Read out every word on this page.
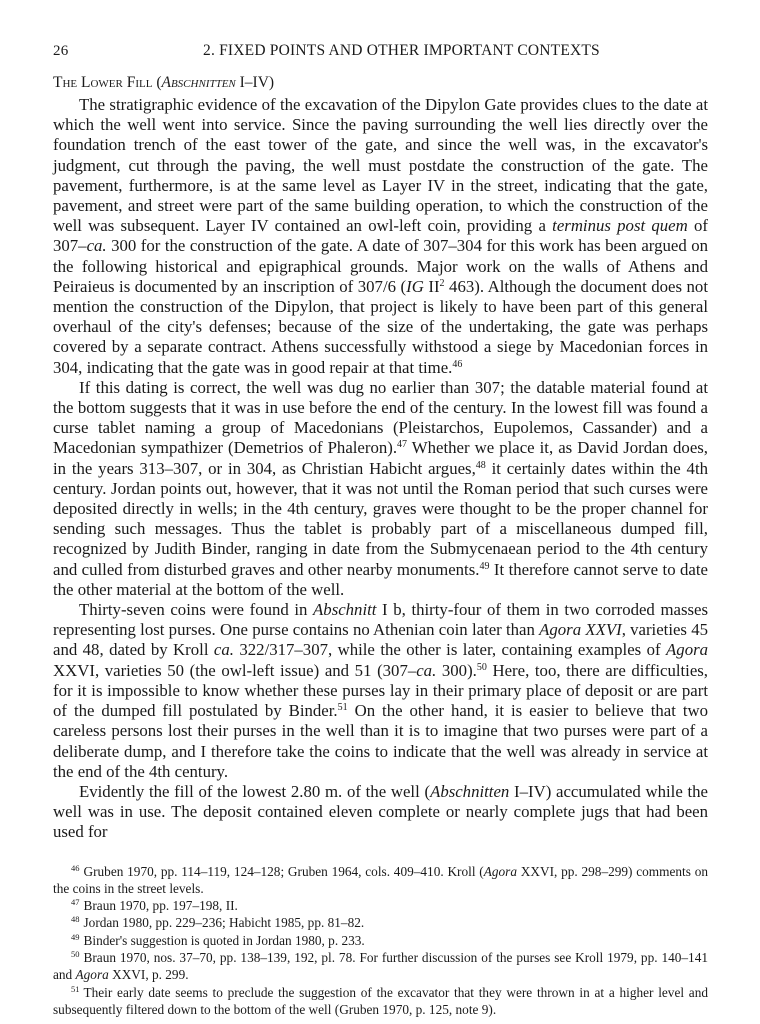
26	2. FIXED POINTS AND OTHER IMPORTANT CONTEXTS
The Lower Fill (Abschnitten I–IV)

The stratigraphic evidence of the excavation of the Dipylon Gate provides clues to the date at which the well went into service. Since the paving surrounding the well lies directly over the foundation trench of the east tower of the gate, and since the well was, in the excavator's judgment, cut through the paving, the well must postdate the construction of the gate. The pavement, furthermore, is at the same level as Layer IV in the street, indicating that the gate, pavement, and street were part of the same building operation, to which the construction of the well was subsequent. Layer IV contained an owl-left coin, providing a terminus post quem of 307–ca. 300 for the construction of the gate. A date of 307–304 for this work has been argued on the following historical and epigraphical grounds. Major work on the walls of Athens and Peiraieus is documented by an inscription of 307/6 (IG $II^2$ 463). Although the document does not mention the construction of the Dipylon, that project is likely to have been part of this general overhaul of the city's defenses; because of the size of the undertaking, the gate was perhaps covered by a separate contract. Athens successfully withstood a siege by Macedonian forces in 304, indicating that the gate was in good repair at that time.$^{46}$

If this dating is correct, the well was dug no earlier than 307; the datable material found at the bottom suggests that it was in use before the end of the century. In the lowest fill was found a curse tablet naming a group of Macedonians (Pleistarchos, Eupolemos, Cassander) and a Macedonian sympathizer (Demetrios of Phaleron).$^{47}$ Whether we place it, as David Jordan does, in the years 313–307, or in 304, as Christian Habicht argues,$^{48}$ it certainly dates within the 4th century. Jordan points out, however, that it was not until the Roman period that such curses were deposited directly in wells; in the 4th century, graves were thought to be the proper channel for sending such messages. Thus the tablet is probably part of a miscellaneous dumped fill, recognized by Judith Binder, ranging in date from the Submycenaean period to the 4th century and culled from disturbed graves and other nearby monuments.$^{49}$ It therefore cannot serve to date the other material at the bottom of the well.

Thirty-seven coins were found in Abschnitt I b, thirty-four of them in two corroded masses representing lost purses. One purse contains no Athenian coin later than Agora XXVI, varieties 45 and 48, dated by Kroll ca. 322/317–307, while the other is later, containing examples of Agora XXVI, varieties 50 (the owl-left issue) and 51 (307–ca. 300).$^{50}$ Here, too, there are difficulties, for it is impossible to know whether these purses lay in their primary place of deposit or are part of the dumped fill postulated by Binder.$^{51}$ On the other hand, it is easier to believe that two careless persons lost their purses in the well than it is to imagine that two purses were part of a deliberate dump, and I therefore take the coins to indicate that the well was already in service at the end of the 4th century.

Evidently the fill of the lowest 2.80 m. of the well (Abschnitten I–IV) accumulated while the well was in use. The deposit contained eleven complete or nearly complete jugs that had been used for

$^{46}$ Gruben 1970, pp. 114–119, 124–128; Gruben 1964, cols. 409–410. Kroll (Agora XXVI, pp. 298–299) comments on the coins in the street levels.

$^{47}$ Braun 1970, pp. 197–198, II.

$^{48}$ Jordan 1980, pp. 229–236; Habicht 1985, pp. 81–82.

$^{49}$ Binder's suggestion is quoted in Jordan 1980, p. 233.

$^{50}$ Braun 1970, nos. 37–70, pp. 138–139, 192, pl. 78. For further discussion of the purses see Kroll 1979, pp. 140–141 and Agora XXVI, p. 299.

$^{51}$ Their early date seems to preclude the suggestion of the excavator that they were thrown in at a higher level and subsequently filtered down to the bottom of the well (Gruben 1970, p. 125, note 9).
